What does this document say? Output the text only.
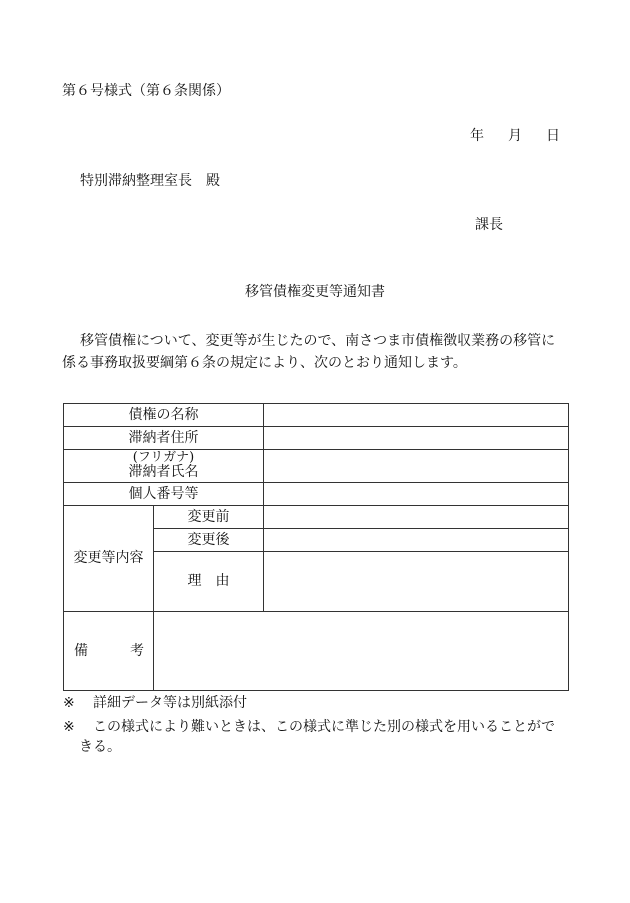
第６号様式（第６条関係）
年 月 日
特別滞納整理室長　殿
課長
移管債権変更等通知書
移管債権について、変更等が生じたので、南さつま市債権徴収業務の移管に
係る事務取扱要綱第６条の規定により、次のとおり通知します。
債権の名称		
滞納者住所		

(フリガナ)
滞納者氏名		
個人番号等		
変更等内容	変更前	
	変更後	
	理　由	
備　　　考		
※ 詳細データ等は別紙添付
※ この様式により難いときは、この様式に準じた別の様式を用いることがで
きる。
